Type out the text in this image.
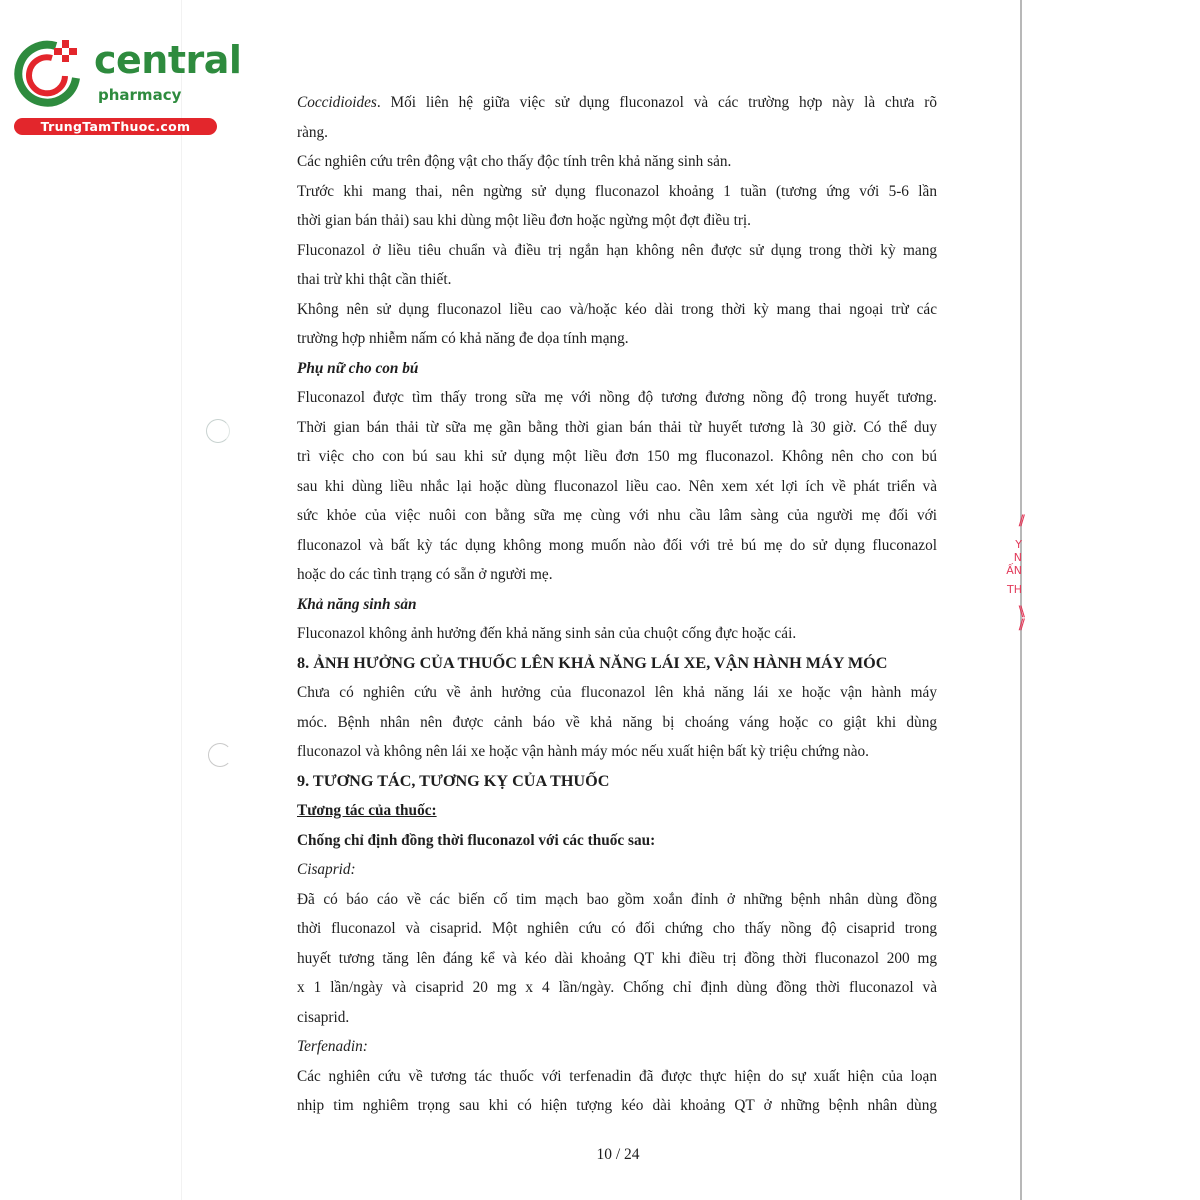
central
pharmacy
TrungTamThuoc.com
//
Y
N
ẤN
TH
\\
//
Coccidioides. Mối liên hệ giữa việc sử dụng fluconazol và các trường hợp này là chưa rõ
ràng.
Các nghiên cứu trên động vật cho thấy độc tính trên khả năng sinh sản.
Trước khi mang thai, nên ngừng sử dụng fluconazol khoảng 1 tuần (tương ứng với 5-6 lần
thời gian bán thải) sau khi dùng một liều đơn hoặc ngừng một đợt điều trị.
Fluconazol ở liều tiêu chuẩn và điều trị ngắn hạn không nên được sử dụng trong thời kỳ mang
thai trừ khi thật cần thiết.
Không nên sử dụng fluconazol liều cao và/hoặc kéo dài trong thời kỳ mang thai ngoại trừ các
trường hợp nhiễm nấm có khả năng đe dọa tính mạng.
Phụ nữ cho con bú
Fluconazol được tìm thấy trong sữa mẹ với nồng độ tương đương nồng độ trong huyết tương.
Thời gian bán thải từ sữa mẹ gần bằng thời gian bán thải từ huyết tương là 30 giờ. Có thể duy
trì việc cho con bú sau khi sử dụng một liều đơn 150 mg fluconazol. Không nên cho con bú
sau khi dùng liều nhắc lại hoặc dùng fluconazol liều cao. Nên xem xét lợi ích về phát triển và
sức khỏe của việc nuôi con bằng sữa mẹ cùng với nhu cầu lâm sàng của người mẹ đối với
fluconazol và bất kỳ tác dụng không mong muốn nào đối với trẻ bú mẹ do sử dụng fluconazol
hoặc do các tình trạng có sẵn ở người mẹ.
Khả năng sinh sản
Fluconazol không ảnh hưởng đến khả năng sinh sản của chuột cống đực hoặc cái.
8. ẢNH HƯỞNG CỦA THUỐC LÊN KHẢ NĂNG LÁI XE, VẬN HÀNH MÁY MÓC
Chưa có nghiên cứu về ảnh hưởng của fluconazol lên khả năng lái xe hoặc vận hành máy
móc. Bệnh nhân nên được cảnh báo về khả năng bị choáng váng hoặc co giật khi dùng
fluconazol và không nên lái xe hoặc vận hành máy móc nếu xuất hiện bất kỳ triệu chứng nào.
9. TƯƠNG TÁC, TƯƠNG KỴ CỦA THUỐC
Tương tác của thuốc:
Chống chỉ định đồng thời fluconazol với các thuốc sau:
Cisaprid:
Đã có báo cáo về các biến cố tim mạch bao gồm xoắn đỉnh ở những bệnh nhân dùng đồng
thời fluconazol và cisaprid. Một nghiên cứu có đối chứng cho thấy nồng độ cisaprid trong
huyết tương tăng lên đáng kể và kéo dài khoảng QT khi điều trị đồng thời fluconazol 200 mg
x 1 lần/ngày và cisaprid 20 mg x 4 lần/ngày. Chống chỉ định dùng đồng thời fluconazol và
cisaprid.
Terfenadin:
Các nghiên cứu về tương tác thuốc với terfenadin đã được thực hiện do sự xuất hiện của loạn
nhịp tim nghiêm trọng sau khi có hiện tượng kéo dài khoảng QT ở những bệnh nhân dùng
10 / 24
